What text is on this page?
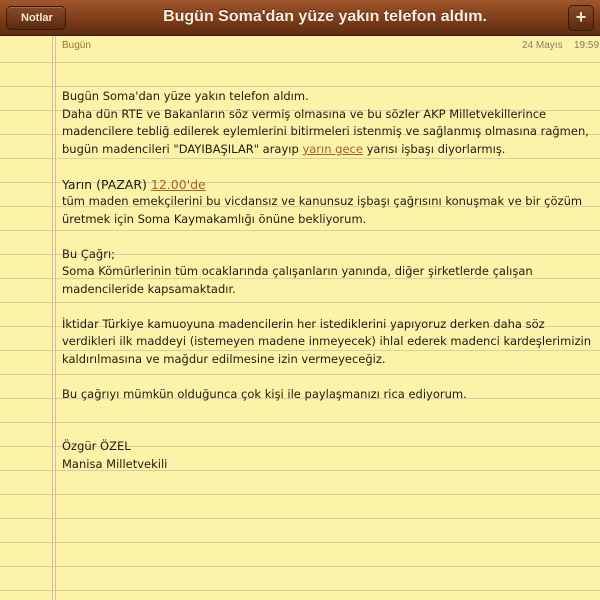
Notlar	Bugün Soma'dan yüze yakın telefon aldım.	+
Bugün	24 Mayıs 19:59

Bugün Soma'dan yüze yakın telefon aldım.

Daha dün RTE ve Bakanların söz vermiş olmasına ve bu sözler AKP Milletvekillerince

madencilere tebliğ edilerek eylemlerini bitirmeleri istenmiş ve sağlanmış olmasına rağmen,

bugün madencileri "DAYIBAŞILAR" arayıp yarın gece yarısı işbaşı diyorlarmış.

Yarın (PAZAR) 12.00'de

tüm maden emekçilerini bu vicdansız ve kanunsuz işbaşı çağrısını konuşmak ve bir çözüm

üretmek için Soma Kaymakamlığı önüne bekliyorum.

Bu Çağrı;

Soma Kömürlerinin tüm ocaklarında çalışanların yanında, diğer şirketlerde çalışan

madencileride kapsamaktadır.

İktidar Türkiye kamuoyuna madencilerin her istediklerini yapıyoruz derken daha söz

verdikleri ilk maddeyi (istemeyen madene inmeyecek) ihlal ederek madenci kardeşlerimizin

kaldırılmasına ve mağdur edilmesine izin vermeyeceğiz.

Bu çağrıyı mümkün olduğunca çok kişi ile paylaşmanızı rica ediyorum.

Özgür ÖZEL

Manisa Milletvekili
